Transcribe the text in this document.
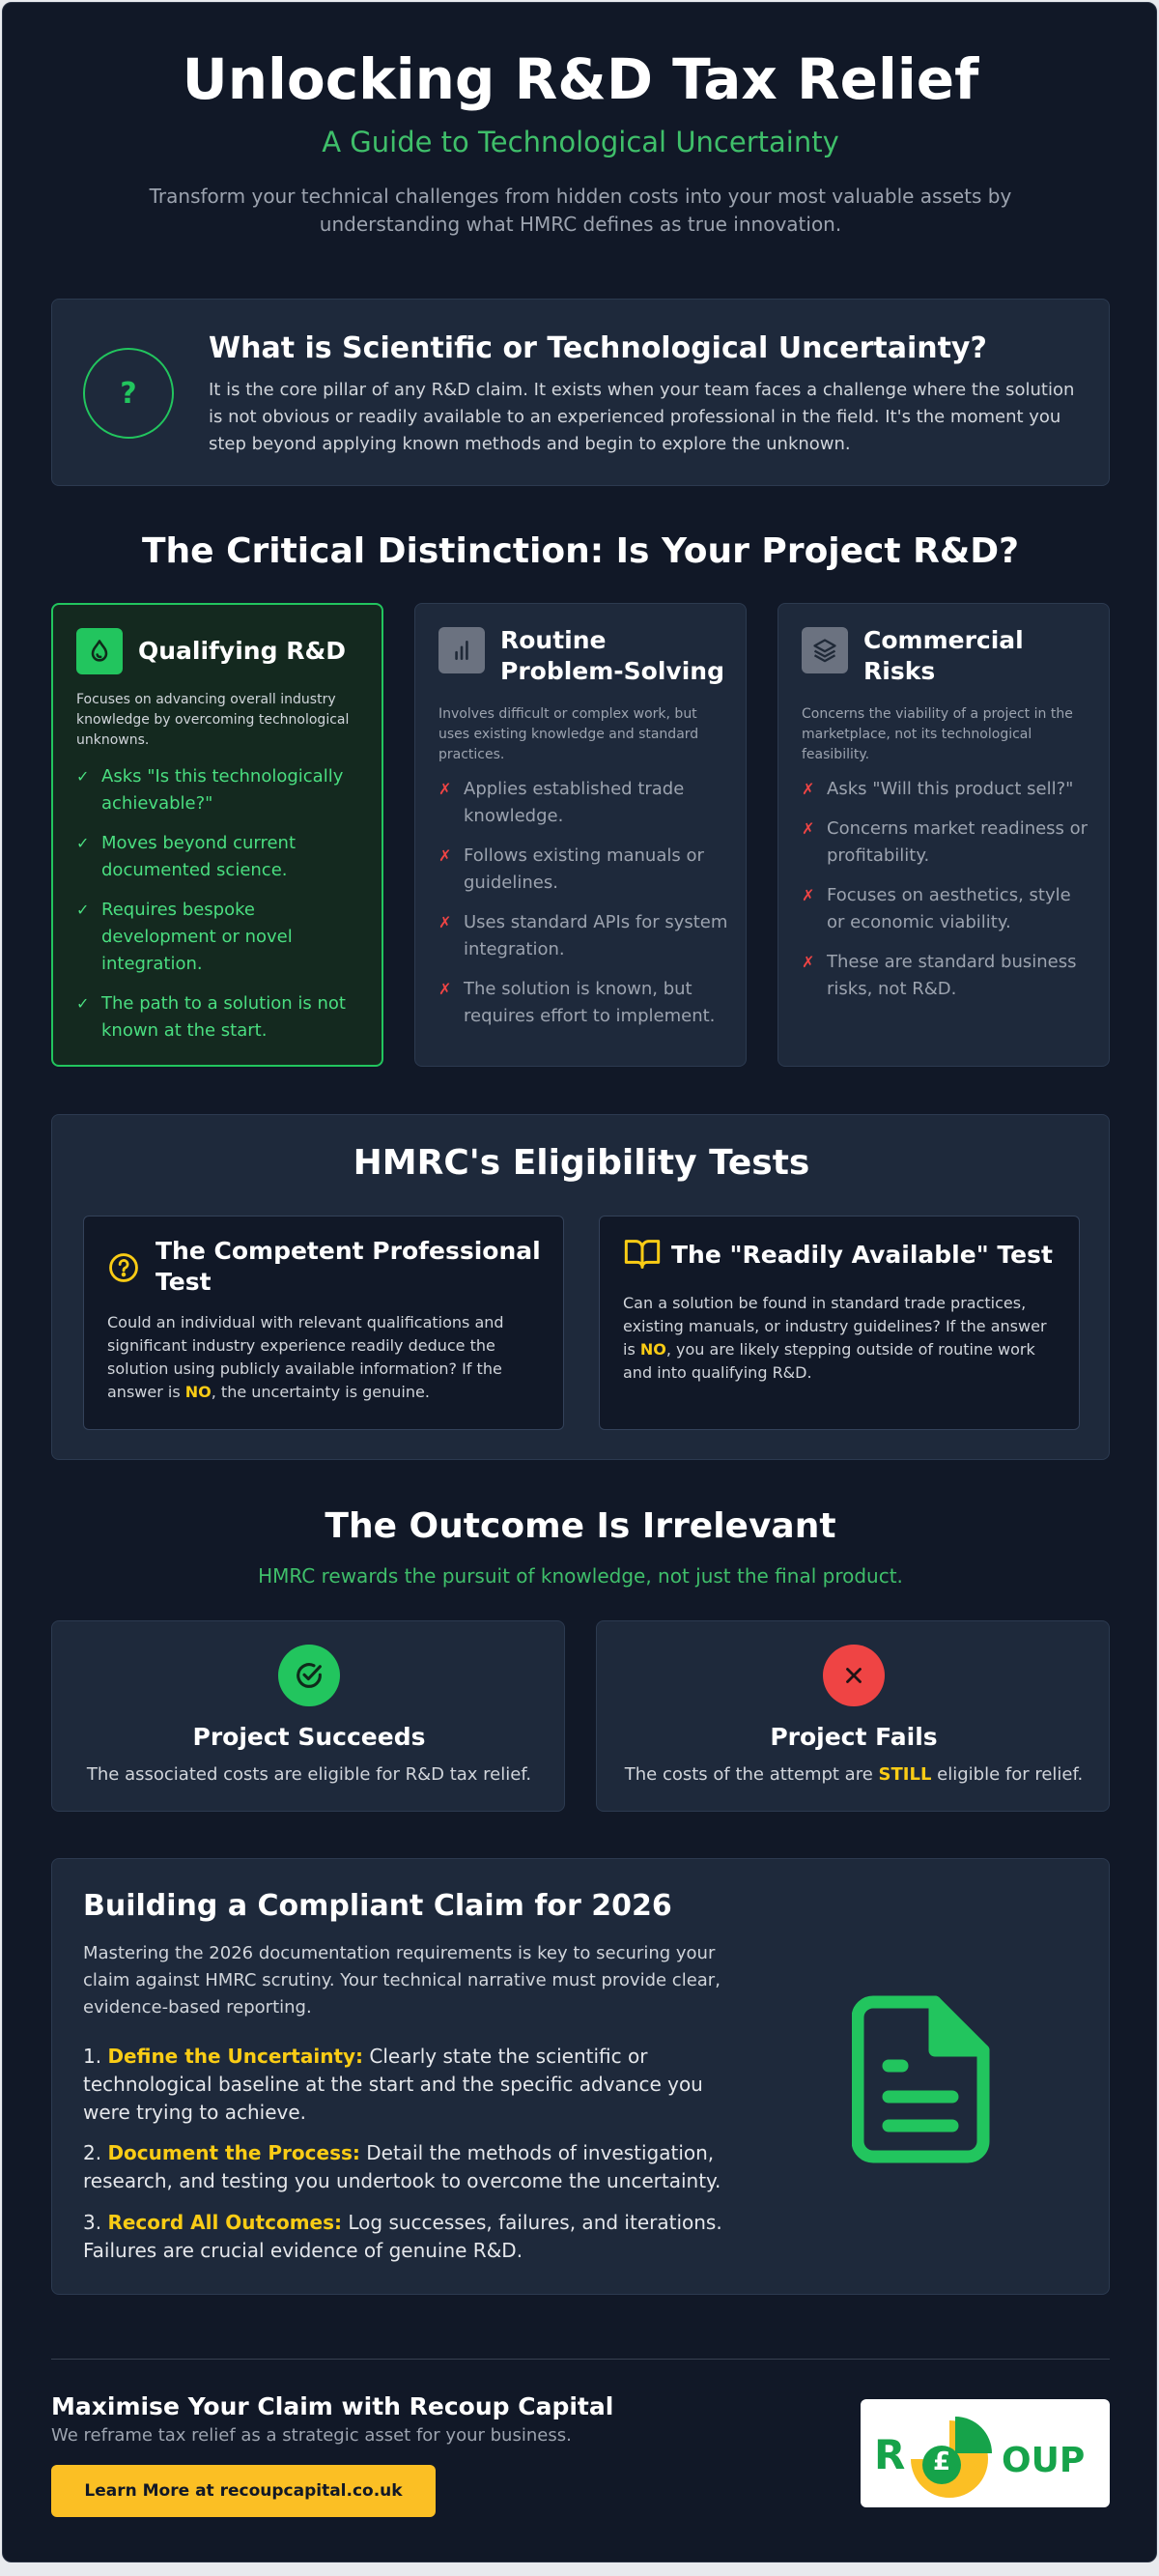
Unlocking R&D Tax Relief
A Guide to Technological Uncertainty

Transform your technical challenges from hidden costs into your most valuable assets by understanding what HMRC defines as true innovation.

?
What is Scientific or Technological Uncertainty?

It is the core pillar of any R&D claim. It exists when your team faces a challenge where the solution is not obvious or readily available to an experienced professional in the field. It's the moment you step beyond applying known methods and begin to explore the unknown.

The Critical Distinction: Is Your Project R&D?
Qualifying R&D

Focuses on advancing overall industry knowledge by overcoming technological unknowns.

✓ Asks "Is this technologically achievable?"
✓ Moves beyond current documented science.
✓ Requires bespoke development or novel integration.
✓ The path to a solution is not known at the start.
Routine Problem-Solving

Involves difficult or complex work, but uses existing knowledge and standard practices.

✗ Applies established trade knowledge.
✗ Follows existing manuals or guidelines.
✗ Uses standard APIs for system integration.
✗ The solution is known, but requires effort to implement.
Commercial Risks

Concerns the viability of a project in the marketplace, not its technological feasibility.

✗ Asks "Will this product sell?"
✗ Concerns market readiness or profitability.
✗ Focuses on aesthetics, style or economic viability.
✗ These are standard business risks, not R&D.
HMRC's Eligibility Tests
The Competent Professional Test

Could an individual with relevant qualifications and significant industry experience readily deduce the solution using publicly available information? If the answer is NO, the uncertainty is genuine.

The "Readily Available" Test

Can a solution be found in standard trade practices, existing manuals, or industry guidelines? If the answer is NO, you are likely stepping outside of routine work and into qualifying R&D.

The Outcome Is Irrelevant
HMRC rewards the pursuit of knowledge, not just the final product.
Project Succeeds

The associated costs are eligible for R&D tax relief.

Project Fails

The costs of the attempt are STILL eligible for relief.

Building a Compliant Claim for 2026

Mastering the 2026 documentation requirements is key to securing your claim against HMRC scrutiny. Your technical narrative must provide clear, evidence-based reporting.

1. Define the Uncertainty: Clearly state the scientific or technological baseline at the start and the specific advance you were trying to achieve.

2. Document the Process: Detail the methods of investigation, research, and testing you undertook to overcome the uncertainty.

3. Record All Outcomes: Log successes, failures, and iterations. Failures are crucial evidence of genuine R&D.

Maximise Your Claim with Recoup Capital
We reframe tax relief as a strategic asset for your business.
Learn More at recoupcapital.co.uk
R £ OUP
